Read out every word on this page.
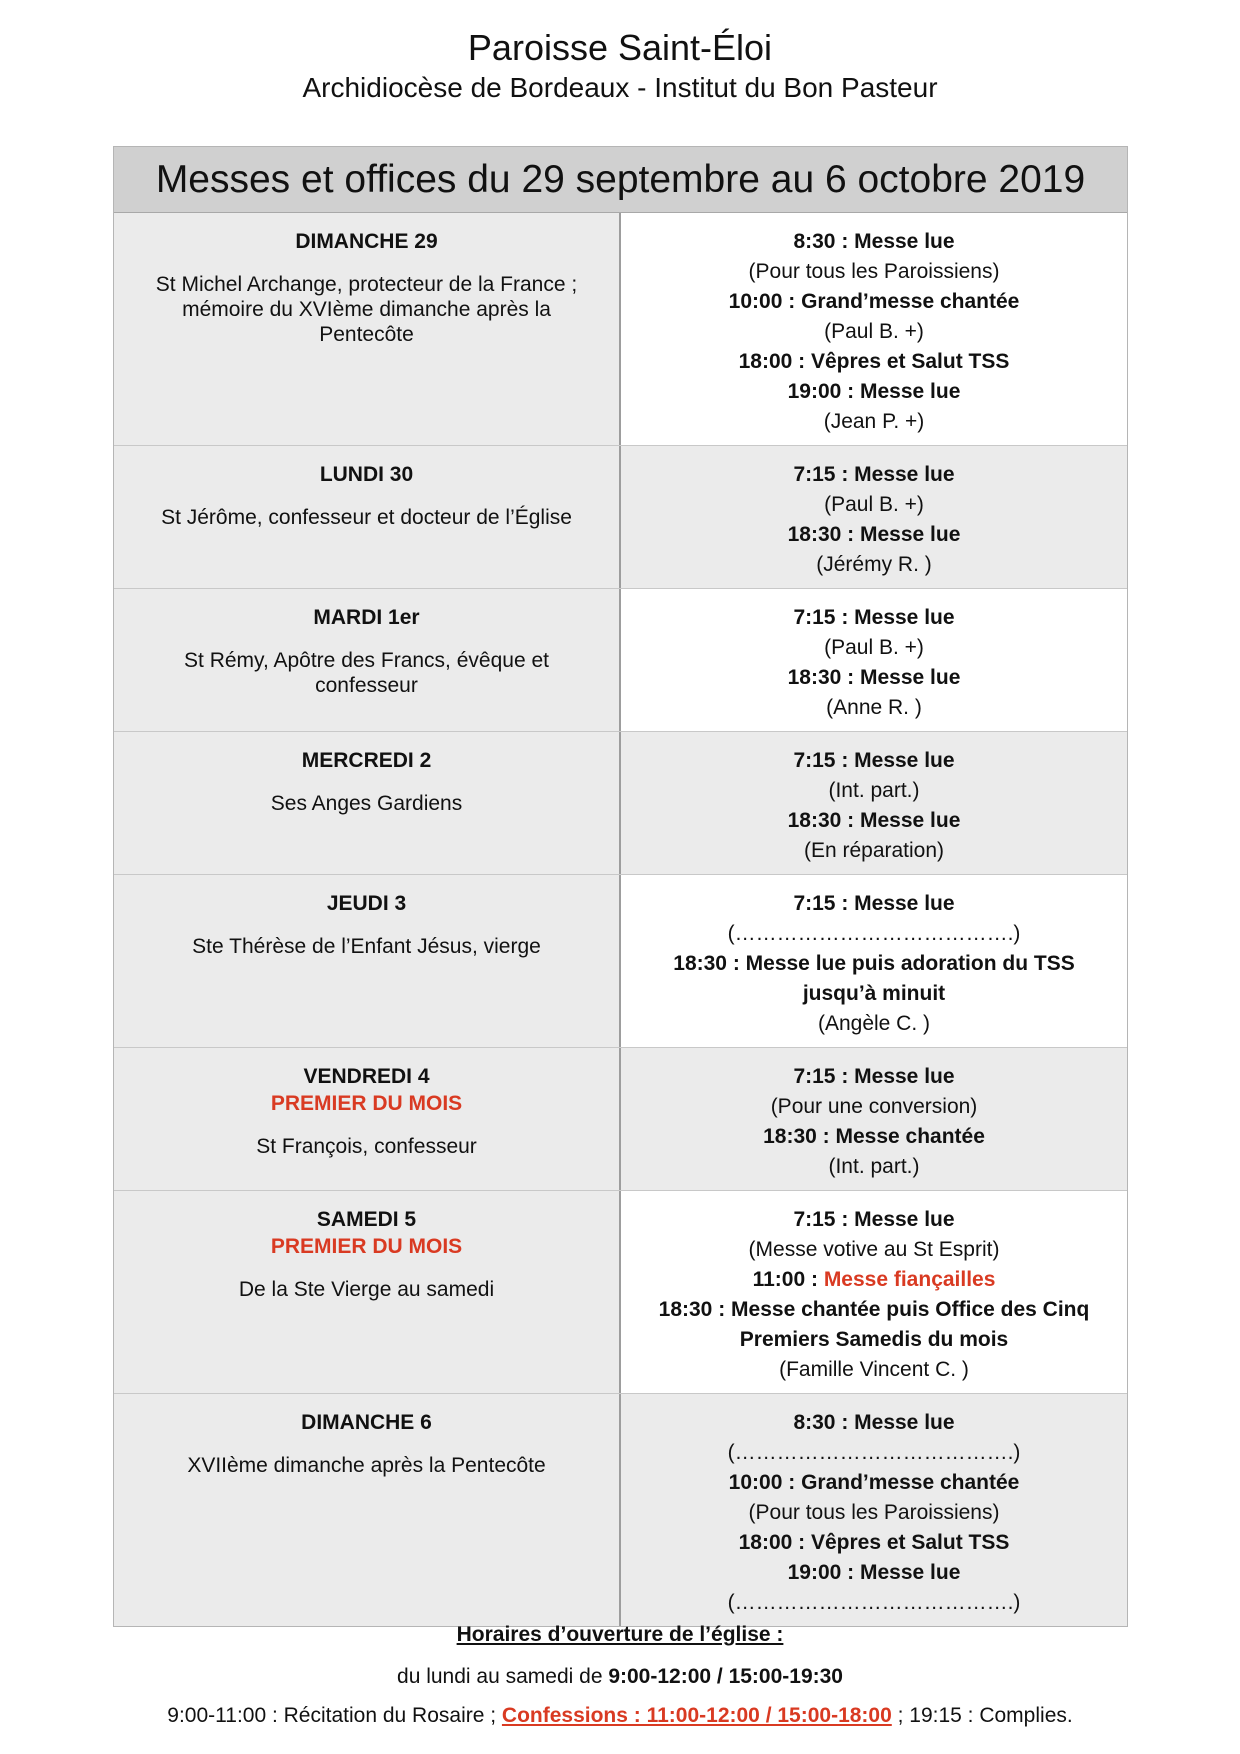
Paroisse Saint-Éloi
Archidiocèse de Bordeaux - Institut du Bon Pasteur
Messes et offices du 29 septembre au 6 octobre 2019
DIMANCHE 29
St Michel Archange, protecteur de la France ; mémoire du XVIème dimanche après la Pentecôte
8:30 : Messe lue
(Pour tous les Paroissiens)
10:00 : Grand’messe chantée
(Paul B. +)
18:00 : Vêpres et Salut TSS
19:00 : Messe lue
(Jean P. +)
LUNDI 30
St Jérôme, confesseur et docteur de l’Église
7:15 : Messe lue
(Paul B. +)
18:30 : Messe lue
(Jérémy R. )
MARDI 1er
St Rémy, Apôtre des Francs, évêque et confesseur
7:15 : Messe lue
(Paul B. +)
18:30 : Messe lue
(Anne R. )
MERCREDI 2
Ses Anges Gardiens
7:15 : Messe lue
(Int. part.)
18:30 : Messe lue
(En réparation)
JEUDI 3
Ste Thérèse de l’Enfant Jésus, vierge
7:15 : Messe lue
(………………………………….)
18:30 : Messe lue puis adoration du TSS jusqu’à minuit
(Angèle C. )
VENDREDI 4
PREMIER DU MOIS
St François, confesseur
7:15 : Messe lue
(Pour une conversion)
18:30 : Messe chantée
(Int. part.)
SAMEDI 5
PREMIER DU MOIS
De la Ste Vierge au samedi
7:15 : Messe lue
(Messe votive au St Esprit)
11:00 : Messe fiançailles
18:30 : Messe chantée puis Office des Cinq Premiers Samedis du mois
(Famille Vincent C. )
DIMANCHE 6
XVIIème dimanche après la Pentecôte
8:30 : Messe lue
(………………………………….)
10:00 : Grand’messe chantée
(Pour tous les Paroissiens)
18:00 : Vêpres et Salut TSS
19:00 : Messe lue
(………………………………….)
Horaires d’ouverture de l’église :
du lundi au samedi de 9:00-12:00 / 15:00-19:30
9:00-11:00 : Récitation du Rosaire ; Confessions : 11:00-12:00 / 15:00-18:00 ; 19:15 : Complies.
